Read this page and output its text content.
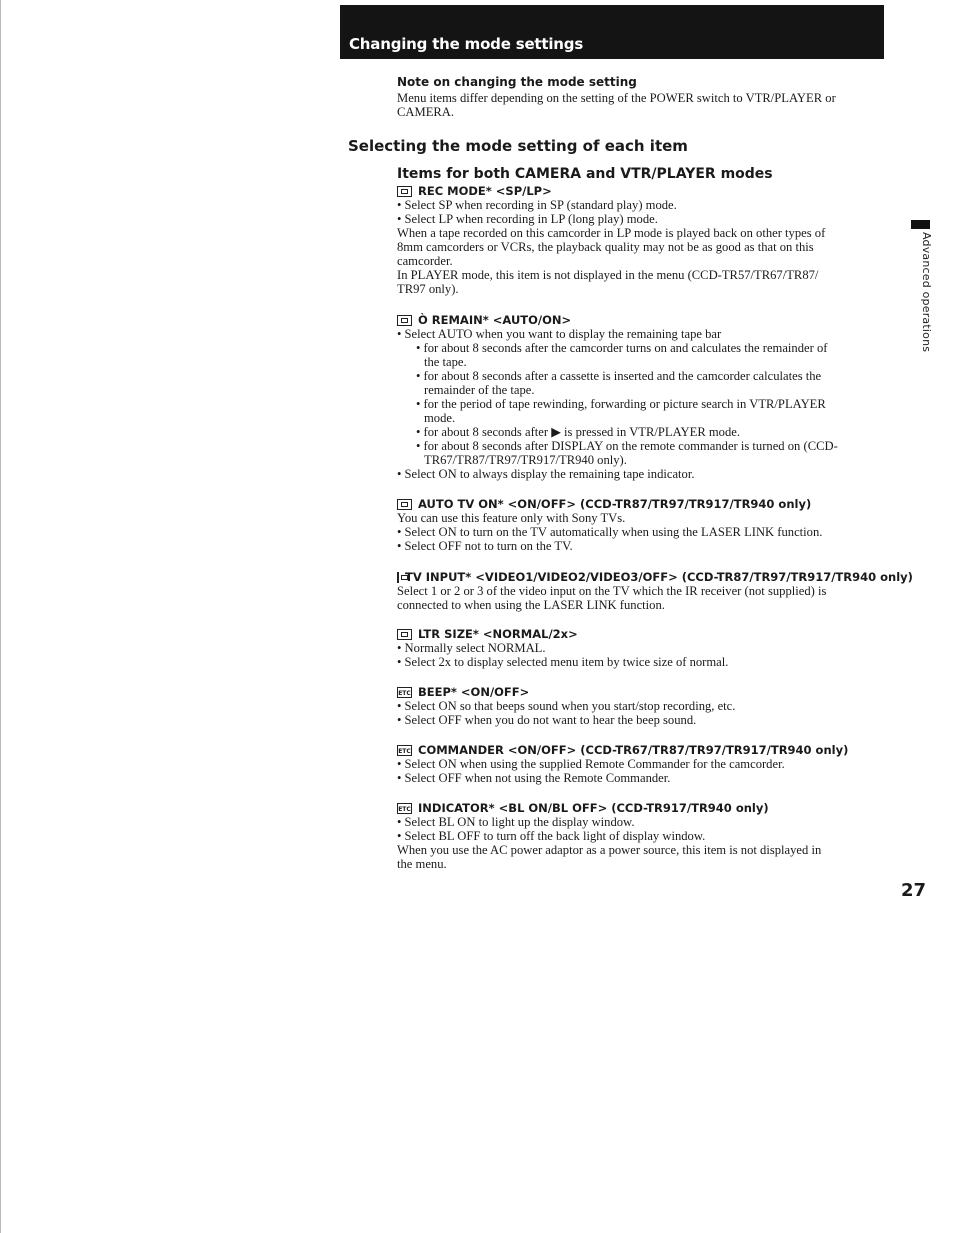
Changing the mode settings
Note on changing the mode setting
Menu items differ depending on the setting of the POWER switch to VTR/PLAYER or
CAMERA.
Selecting the mode setting of each item
Items for both CAMERA and VTR/PLAYER modes
REC MODE* <SP/LP>
• Select SP when recording in SP (standard play) mode.
• Select LP when recording in LP (long play) mode.
When a tape recorded on this camcorder in LP mode is played back on other types of
8mm camcorders or VCRs, the playback quality may not be as good as that on this
camcorder.
In PLAYER mode, this item is not displayed in the menu (CCD-TR57/TR67/TR87/
TR97 only).
Ò REMAIN* <AUTO/ON>
• Select AUTO when you want to display the remaining tape bar
• for about 8 seconds after the camcorder turns on and calculates the remainder of
the tape.
• for about 8 seconds after a cassette is inserted and the camcorder calculates the
remainder of the tape.
• for the period of tape rewinding, forwarding or picture search in VTR/PLAYER
mode.
• for about 8 seconds after ▶ is pressed in VTR/PLAYER mode.
• for about 8 seconds after DISPLAY on the remote commander is turned on (CCD-
TR67/TR87/TR97/TR917/TR940 only).
• Select ON to always display the remaining tape indicator.
AUTO TV ON* <ON/OFF> (CCD-TR87/TR97/TR917/TR940 only)
You can use this feature only with Sony TVs.
• Select ON to turn on the TV automatically when using the LASER LINK function.
• Select OFF not to turn on the TV.
TV INPUT* <VIDEO1/VIDEO2/VIDEO3/OFF> (CCD-TR87/TR97/TR917/TR940 only)
Select 1 or 2 or 3 of the video input on the TV which the IR receiver (not supplied) is
connected to when using the LASER LINK function.
LTR SIZE* <NORMAL/2x>
• Normally select NORMAL.
• Select 2x to display selected menu item by twice size of normal.
ETC BEEP* <ON/OFF>
• Select ON so that beeps sound when you start/stop recording, etc.
• Select OFF when you do not want to hear the beep sound.
ETC COMMANDER <ON/OFF> (CCD-TR67/TR87/TR97/TR917/TR940 only)
• Select ON when using the supplied Remote Commander for the camcorder.
• Select OFF when not using the Remote Commander.
ETC INDICATOR* <BL ON/BL OFF> (CCD-TR917/TR940 only)
• Select BL ON to light up the display window.
• Select BL OFF to turn off the back light of display window.
When you use the AC power adaptor as a power source, this item is not displayed in
the menu.
Advanced operations
27
